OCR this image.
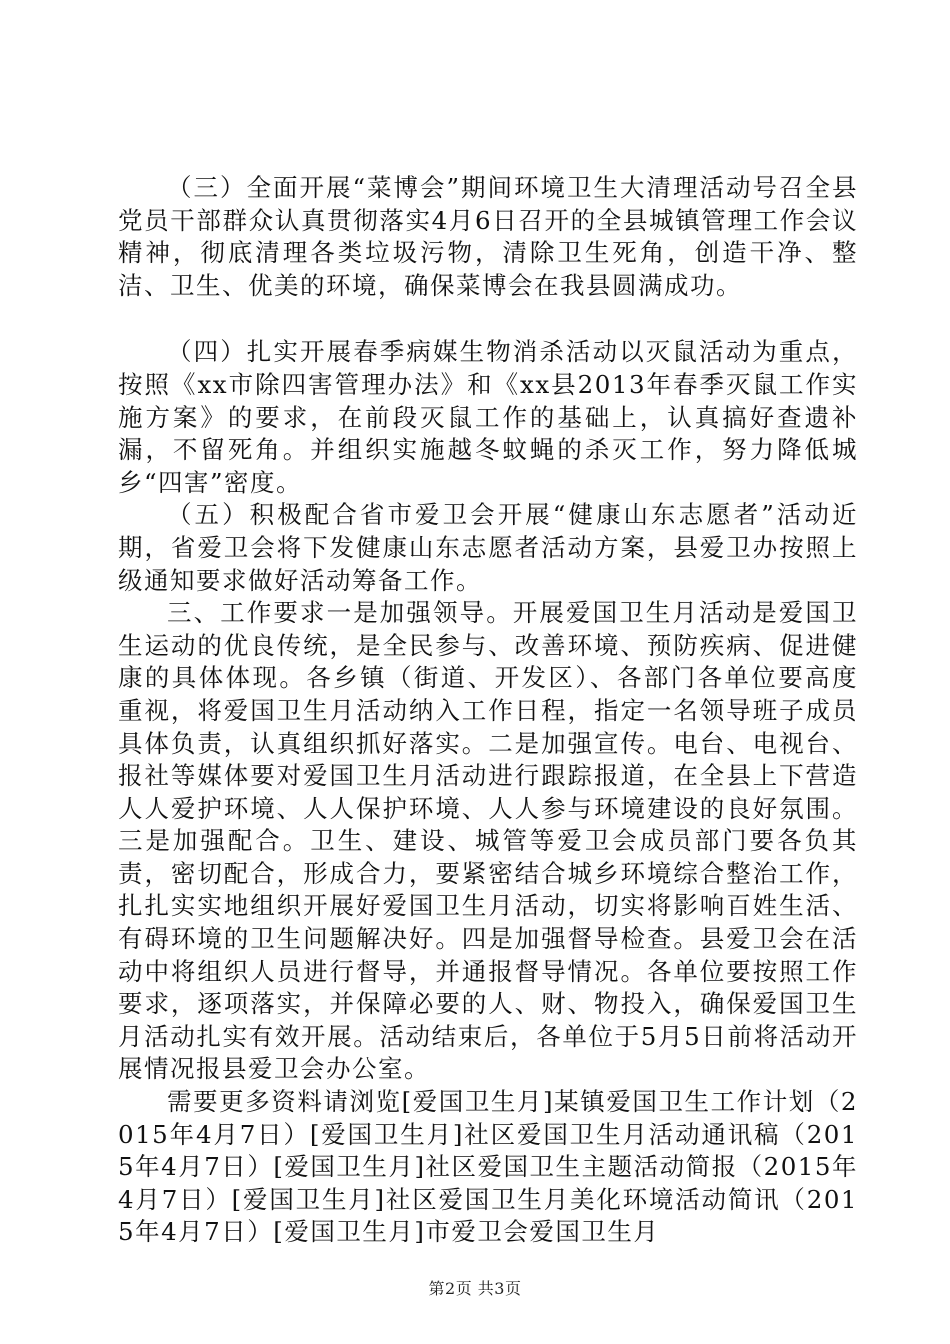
（三）全面开展“菜博会”期间环境卫生大清理活动号召全县党员干部群众认真贯彻落实4月6日召开的全县城镇管理工作会议精神，彻底清理各类垃圾污物，清除卫生死角，创造干净、整洁、卫生、优美的环境，确保菜博会在我县圆满成功。

（四）扎实开展春季病媒生物消杀活动以灭鼠活动为重点，按照《xx市除四害管理办法》和《xx县2013年春季灭鼠工作实施方案》的要求，在前段灭鼠工作的基础上，认真搞好查遗补漏，不留死角。并组织实施越冬蚊蝇的杀灭工作，努力降低城乡“四害”密度。

（五）积极配合省市爱卫会开展“健康山东志愿者”活动近期，省爱卫会将下发健康山东志愿者活动方案，县爱卫办按照上级通知要求做好活动筹备工作。

三、工作要求一是加强领导。开展爱国卫生月活动是爱国卫生运动的优良传统，是全民参与、改善环境、预防疾病、促进健康的具体体现。各乡镇（街道、开发区）、各部门各单位要高度重视，将爱国卫生月活动纳入工作日程，指定一名领导班子成员具体负责，认真组织抓好落实。二是加强宣传。电台、电视台、报社等媒体要对爱国卫生月活动进行跟踪报道，在全县上下营造人人爱护环境、人人保护环境、人人参与环境建设的良好氛围。三是加强配合。卫生、建设、城管等爱卫会成员部门要各负其责，密切配合，形成合力，要紧密结合城乡环境综合整治工作，扎扎实实地组织开展好爱国卫生月活动，切实将影响百姓生活、有碍环境的卫生问题解决好。四是加强督导检查。县爱卫会在活动中将组织人员进行督导，并通报督导情况。各单位要按照工作要求，逐项落实，并保障必要的人、财、物投入，确保爱国卫生月活动扎实有效开展。活动结束后，各单位于5月5日前将活动开展情况报县爱卫会办公室。

需要更多资料请浏览[爱国卫生月]某镇爱国卫生工作计划（2015年4月7日）[爱国卫生月]社区爱国卫生月活动通讯稿（2015年4月7日）[爱国卫生月]社区爱国卫生主题活动简报（2015年4月7日）[爱国卫生月]社区爱国卫生月美化环境活动简讯（2015年4月7日）[爱国卫生月]市爱卫会爱国卫生月

第2页 共3页
